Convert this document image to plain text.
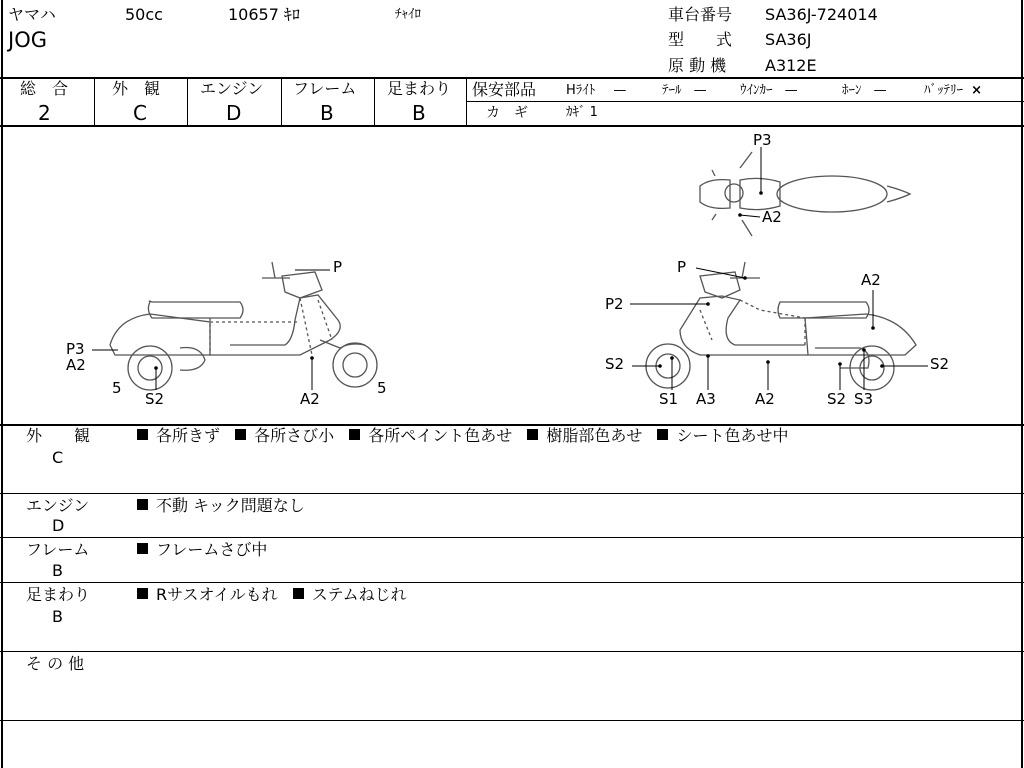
ヤマハ
JOG
50cc	10657 ｷﾛ	ﾁｬｲﾛ	車台番号 SA36J-724014
型　　式 SA36J
原 動 機 A312E
総　合
2
外　観
C
エンジン
D
フレーム
B
足まわり
B
保安部品 Hﾗｲﾄ —	ﾃｰﾙ —	ｳｲﾝｶｰ —	ﾎｰﾝ —	ﾊﾞｯﾃﾘｰ ×
カ　ギ	ｶｷﾞ 1
P
P3
A2
5
S2	A2
5
P3
A2
P
P2
A2
S2	S2
S1 A3	A2	S2 S3
外　　観
C
各所きず 各所さび小 各所ペイント色あせ 樹脂部色あせ シート色あせ中
エンジン
D
不動 キック問題なし
フレーム
B
フレームさび中
足まわり
B
Rサスオイルもれ ステムねじれ
そ の 他
